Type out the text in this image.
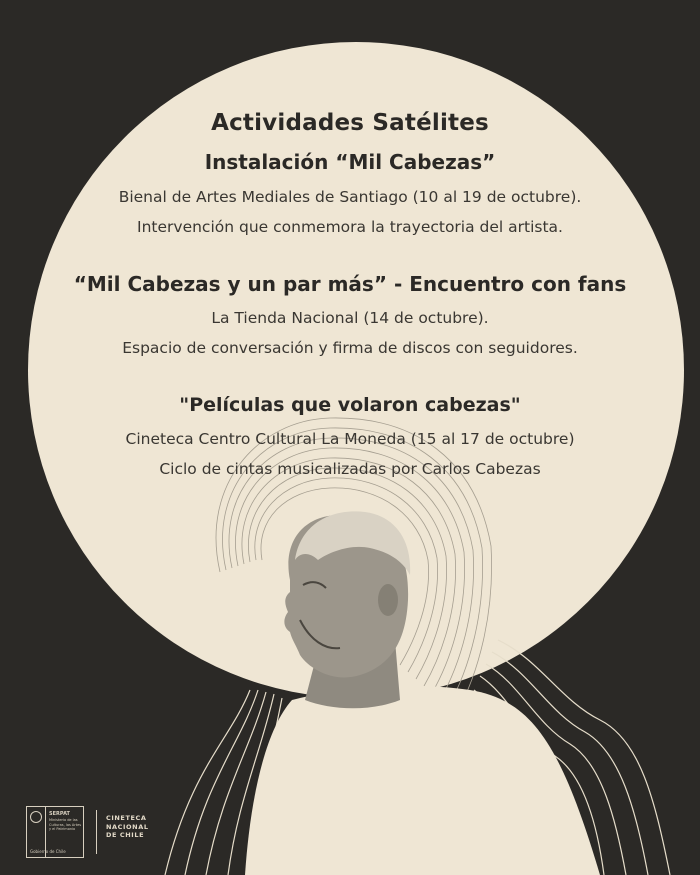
Actividades Satélites
Instalación “Mil Cabezas”
Bienal de Artes Mediales de Santiago (10 al 19 de octubre).
Intervención que conmemora la trayectoria del artista.
“Mil Cabezas y un par más” - Encuentro con fans
La Tienda Nacional (14 de octubre).
Espacio de conversación y firma de discos con seguidores.
"Películas que volaron cabezas"
Cineteca Centro Cultural La Moneda (15 al 17 de octubre)
Ciclo de cintas musicalizadas por Carlos Cabezas
SERPAT
Ministerio de las Culturas, las Artes y el Patrimonio
Gobierno de Chile
CINETECA
NACIONAL
DE CHILE
